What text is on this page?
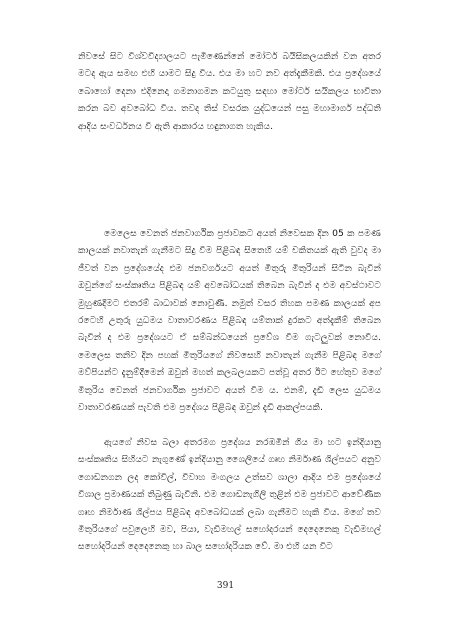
නිවසේ සිට විශ්වවිද්‍යාලයට පැමිණෙන්නේ මෝටර් බයිසිකලයකින් වන අතර මටද ඇය සමඟ එහි යාමට සිදු විය. එය මා හට නව අත්දැකීමකි. එය ප්‍රදේශයේ බොහෝ දෙනා එදිනෙදා ගමනාගමන කටයුතු සඳහා මෝටර් සයිකලය භාවිතා කරන බව අවබෝධ විය. තවද තිස් වසරක යුද්ධයෙන් පසු මහාමාර්ග පද්ධති ආදිය සංවර්ධනය වී ඇති ආකාරය හඳුනාගත හැකිය.

මෙලෙස වෙනත් ජනවාර්ගික ප්‍රජාවකට අයත් නිවෙසක දින 05 ක පමණ කාලයක් නවාතැන් ගැනීමට සිදු වීම පිළිබඳ සිතෙහි යම් චකිතයක් ඇති වුවද මා ජීවත් වන ප්‍රදේශයේද එම ජනවර්ගයට අයත් මිතුරු මිතුරියන් සිටින බැවින් ඔවුන්ගේ සංස්කෘතිය පිළිබඳ යම් අවබෝධයක් තිබෙන බැවින් ද එම අවස්ථාවට මුහුණදීමට එතරම් බාධාවක් නොවුණි. නමුත් වසර තිහක පමණ කාලයක් අප රටෙහි උතුරු යුධමය වාතාවරණය පිළිබඳ යම්තාක් දුරකට අත්දැකීම් තිබෙන බැවින් ද එම ප්‍රදේශයට ඒ සම්බන්ධයෙන් ප්‍රවේශ වීම ගැටලුවක් නොවීය. මෙලෙස තනිව දින පහක් මිතුරියගේ නිවසෙහි නවාතැන් ගැනීම පිළිබඳ මගේ මව්පියන්ට දැනුම්දීමෙන් ඔවුන් මහත් කලබලයකට පත්වූ අතර ඊට හේතුව මගේ මිතුරිය වෙනත් ජනවාර්ගික ප්‍රජාවට අයත් වීම ය. එනම්, දැඩි ලෙස යුධමය වාතාවරණයක් පැවති එම ප්‍රදේශය පිළිබඳ ඔවුන් දැඩි ආකල්පයකි.

ඇයගේ නිවස බලා අතරමග ප්‍රදේශය නරඹමින් ගිය මා හට ඉන්දියානු සංස්කෘතිය සිහියට නැගුණේ ඉන්දියානු ශෛලියේ ගෘහ නිර්මාණ ශිල්පයට අනුව ගොඩනගන ලද කෝවිල්, විවාහ මංගලය උත්සව ශාලා ආදිය එම ප්‍රදේශයේ විශාල ප්‍රමාණයක් තිබුණු බැවිනි. එම ගොඩනැගිලි තුළින් එම ප්‍රජාවට ආවේණික ගෘහ නිර්මාණ ශිල්පය පිළිබඳ අවබෝධයක් ලබා ගැනීමට හැකි විය. මගේ තව මිතුරියගේ පවුලෙහි මව, පියා, වැඩිමහල් සහෝදරයන් දෙදෙනෙකු වැඩිමහල් සහෝදරියන් දෙදෙනෙකු හා බාල සහෝදරියක වේ. මා එහි යන විට

391
